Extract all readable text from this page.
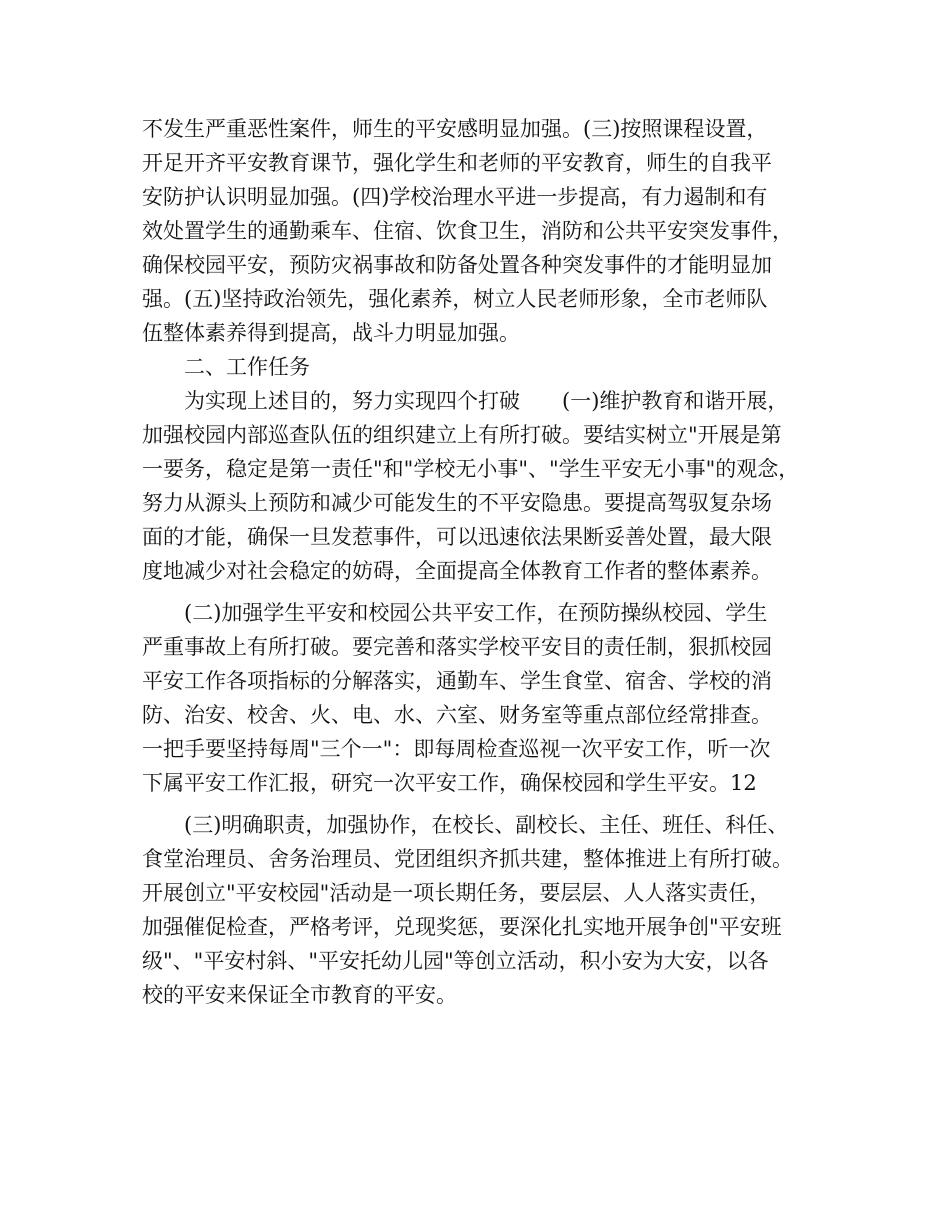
不发生严重恶性案件，师生的平安感明显加强。(三)按照课程设置，
开足开齐平安教育课节，强化学生和老师的平安教育，师生的自我平
安防护认识明显加强。(四)学校治理水平进一步提高，有力遏制和有
效处置学生的通勤乘车、住宿、饮食卫生，消防和公共平安突发事件，
确保校园平安，预防灾祸事故和防备处置各种突发事件的才能明显加
强。(五)坚持政治领先，强化素养，树立人民老师形象，全市老师队
伍整体素养得到提高，战斗力明显加强。
二、工作任务
为实现上述目的，努力实现四个打破　　(一)维护教育和谐开展，
加强校园内部巡查队伍的组织建立上有所打破。要结实树立"开展是第
一要务，稳定是第一责任"和"学校无小事"、"学生平安无小事"的观念，
努力从源头上预防和减少可能发生的不平安隐患。要提高驾驭复杂场
面的才能，确保一旦发惹事件，可以迅速依法果断妥善处置，最大限
度地减少对社会稳定的妨碍，全面提高全体教育工作者的整体素养。
(二)加强学生平安和校园公共平安工作，在预防操纵校园、学生
严重事故上有所打破。要完善和落实学校平安目的责任制，狠抓校园
平安工作各项指标的分解落实，通勤车、学生食堂、宿舍、学校的消
防、治安、校舍、火、电、水、六室、财务室等重点部位经常排查。
一把手要坚持每周"三个一"：即每周检查巡视一次平安工作，听一次
下属平安工作汇报，研究一次平安工作，确保校园和学生平安。12
(三)明确职责，加强协作，在校长、副校长、主任、班任、科任、
食堂治理员、舍务治理员、党团组织齐抓共建，整体推进上有所打破。
开展创立"平安校园"活动是一项长期任务，要层层、人人落实责任，
加强催促检查，严格考评，兑现奖惩，要深化扎实地开展争创"平安班
级"、"平安村斜、"平安托幼儿园"等创立活动，积小安为大安，以各
校的平安来保证全市教育的平安。
